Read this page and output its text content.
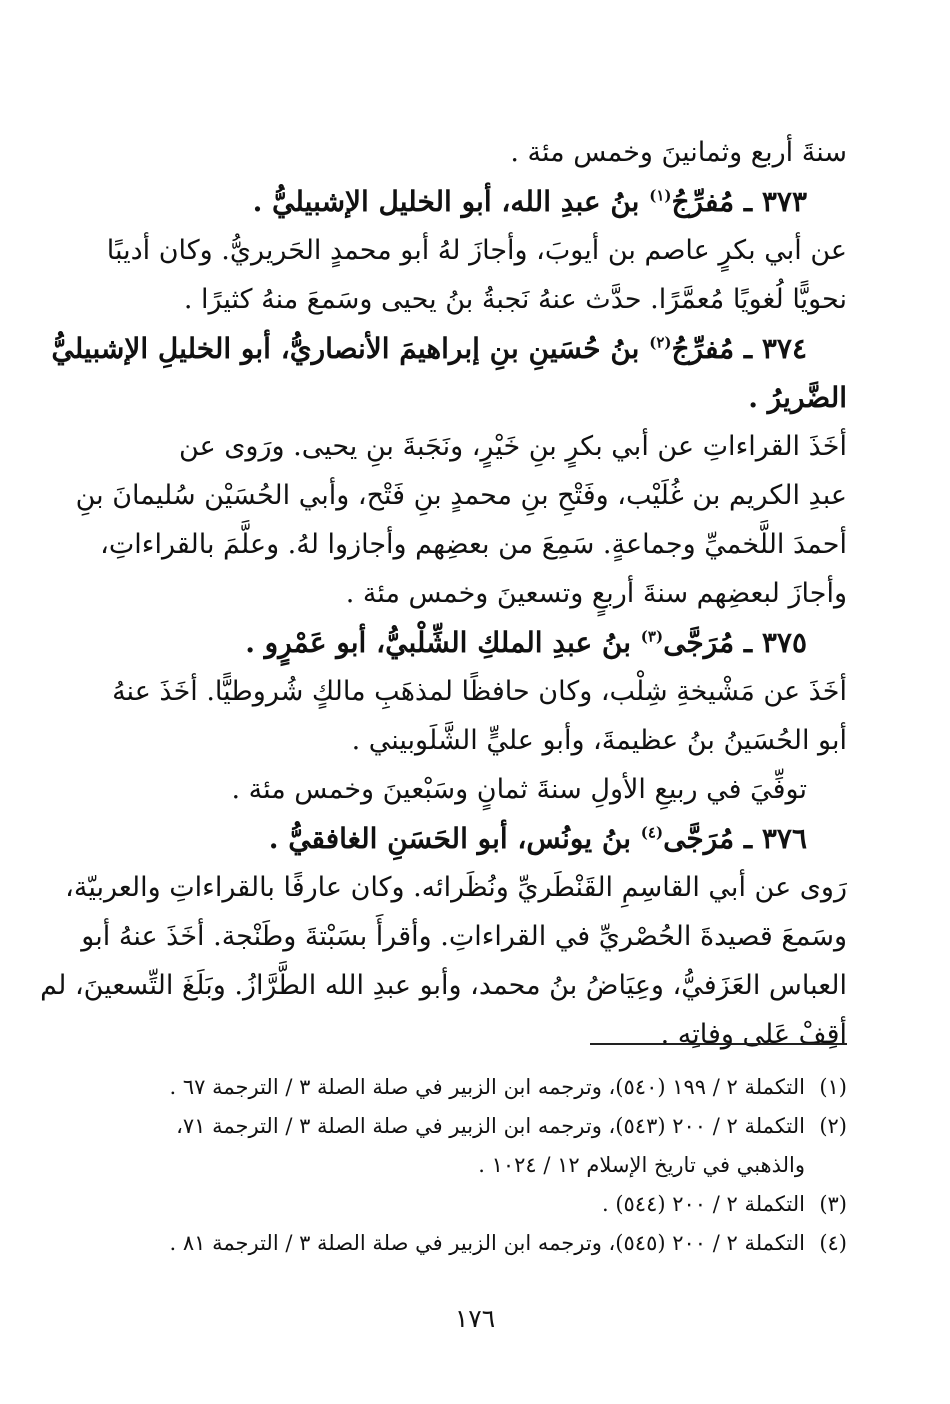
سنةَ أربع وثمانينَ وخمس مئة .
٣٧٣ ـ مُفرِّجُ$^{(١)}$ بنُ عبدِ الله، أبو الخليل الإشبيليُّ .
عن أبي بكرٍ عاصم بن أيوبَ، وأجازَ لهُ أبو محمدٍ الحَريريُّ. وكان أديبًا
نحويًّا لُغويًا مُعمَّرًا. حدَّث عنهُ نَجبةُ بنُ يحيى وسَمعَ منهُ كثيرًا .
٣٧٤ ـ مُفرِّجُ$^{(٢)}$ بنُ حُسَينِ بنِ إبراهيمَ الأنصاريُّ، أبو الخليلِ الإشبيليُّ
الضَّريرُ .
أخَذَ القراءاتِ عن أبي بكرٍ بنِ خَيْرٍ، ونَجَبةَ بنِ يحيى. ورَوى عن
عبدِ الكريم بن غُلَيْب، وفَتْحِ بنِ محمدٍ بنِ فَتْح، وأبي الحُسَيْن سُليمانَ بنِ
أحمدَ اللَّخميِّ وجماعةٍ. سَمِعَ من بعضِهم وأجازوا لهُ. وعلَّمَ بالقراءاتِ،
وأجازَ لبعضِهم سنةَ أربعٍ وتسعينَ وخمس مئة .
٣٧٥ ـ مُرَجَّى$^{(٣)}$ بنُ عبدِ الملكِ الشِّلْبيُّ، أبو عَمْرٍو .
أخَذَ عن مَشْيخةِ شِلْب، وكان حافظًا لمذهَبِ مالكٍ شُروطيًّا. أخَذَ عنهُ
أبو الحُسَينُ بنُ عظيمةَ، وأبو عليٍّ الشَّلَوبيني .
توفِّيَ في ربيعِ الأولِ سنةَ ثمانٍ وسَبْعينَ وخمس مئة .
٣٧٦ ـ مُرَجَّى$^{(٤)}$ بنُ يونُس، أبو الحَسَنِ الغافقيُّ .
رَوى عن أبي القاسِمِ القَنْطَريِّ ونُظَرائه. وكان عارفًا بالقراءاتِ والعربيّة،
وسَمعَ قصيدةَ الحُصْريِّ في القراءاتِ. وأقرأَ بسَبْتةَ وطَنْجة. أخَذَ عنهُ أبو
العباس العَزَفيُّ، وعِيَاضُ بنُ محمد، وأبو عبدِ الله الطَّرَّازُ. وبَلَغَ التِّسعينَ، لم
أقِفْ عَلى وفاتِه .
(١)
التكملة ٢ / ١٩٩ (٥٤٠)، وترجمه ابن الزبير في صلة الصلة ٣ / الترجمة ٦٧ .
(٢)
التكملة ٢ / ٢٠٠ (٥٤٣)، وترجمه ابن الزبير في صلة الصلة ٣ / الترجمة ٧١،
والذهبي في تاريخ الإسلام ١٢ / ١٠٢٤ .
(٣)
التكملة ٢ / ٢٠٠ (٥٤٤) .
(٤)
التكملة ٢ / ٢٠٠ (٥٤٥)، وترجمه ابن الزبير في صلة الصلة ٣ / الترجمة ٨١ .
١٧٦
